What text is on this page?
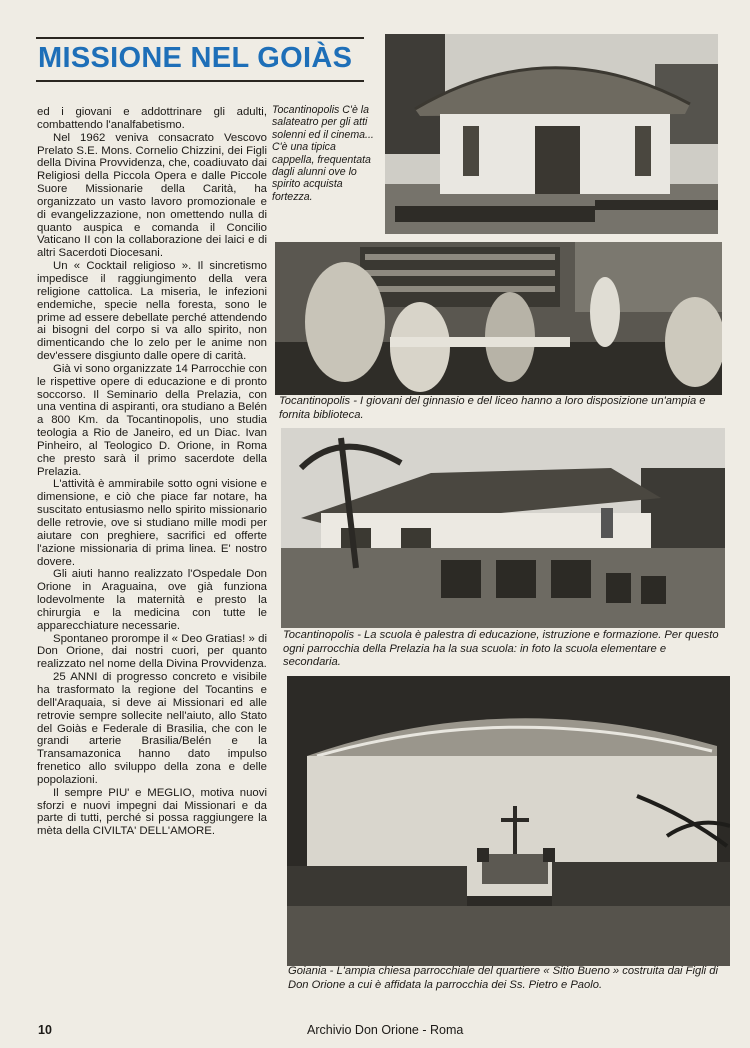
MISSIONE NEL GOIÀS

ed i giovani e addottrinare gli adulti, combattendo l'analfabetismo.

Nel 1962 veniva consacrato Vescovo Prelato S.E. Mons. Cornelio Chizzini, dei Figli della Divina Provvidenza, che, coadiuvato dai Religiosi della Piccola Opera e dalle Piccole Suore Missionarie della Carità, ha organizzato un vasto lavoro promozionale e di evangelizzazione, non omettendo nulla di quanto auspica e comanda il Concilio Vaticano II con la collaborazione dei laici e di altri Sacerdoti Diocesani.

Un « Cocktail religioso ». Il sincretismo impedisce il raggiungimento della vera religione cattolica. La miseria, le infezioni endemiche, specie nella foresta, sono le prime ad essere debellate perché attendendo ai bisogni del corpo si va allo spirito, non dimenticando che lo zelo per le anime non dev'essere disgiunto dalle opere di carità.

Già vi sono organizzate 14 Parrocchie con le rispettive opere di educazione e di pronto soccorso. Il Seminario della Prelazia, con una ventina di aspiranti, ora studiano a Belén a 800 Km. da Tocantinopolis, uno studia teologia a Rio de Janeiro, ed un Diac. Ivan Pinheiro, al Teologico D. Orione, in Roma che presto sarà il primo sacerdote della Prelazia.

L'attività è ammirabile sotto ogni visione e dimensione, e ciò che piace far notare, ha suscitato entusiasmo nello spirito missionario delle retrovie, ove si studiano mille modi per aiutare con preghiere, sacrifici ed offerte l'azione missionaria di prima linea. E' nostro dovere.

Gli aiuti hanno realizzato l'Ospedale Don Orione in Araguaina, ove già funziona lodevolmente la maternità e presto la chirurgia e la medicina con tutte le apparecchiature necessarie.

Spontaneo prorompe il « Deo Gratias! » di Don Orione, dai nostri cuori, per quanto realizzato nel nome della Divina Provvidenza.

25 ANNI di progresso concreto e visibile ha trasformato la regione del Tocantins e dell'Araquaia, si deve ai Missionari ed alle retrovie sempre sollecite nell'aiuto, allo Stato del Goiàs e Federale di Brasilia, che con le grandi arterie Brasilia/Belén e la Transamazonica hanno dato impulso frenetico allo sviluppo della zona e delle popolazioni.

Il sempre PIU' e MEGLIO, motiva nuovi sforzi e nuovi impegni dai Missionari e da parte di tutti, perché si possa raggiungere la mèta della CIVILTA' DELL'AMORE.

Tocantinopolis C'è la salateatro per gli atti solenni ed il cinema... C'è una tipica cappella, frequentata dagli alunni ove lo spirito acquista fortezza.
Tocantinopolis - I giovani del ginnasio e del liceo hanno a loro disposizione un'ampia e fornita biblioteca.
Tocantinopolis - La scuola è palestra di educazione, istruzione e formazione. Per questo ogni parrocchia della Prelazia ha la sua scuola: in foto la scuola elementare e secondaria.
Goiania - L'ampia chiesa parrocchiale del quartiere « Sitio Bueno » costruita dai Figli di Don Orione a cui è affidata la parrocchia dei Ss. Pietro e Paolo.
10	Archivio Don Orione - Roma
